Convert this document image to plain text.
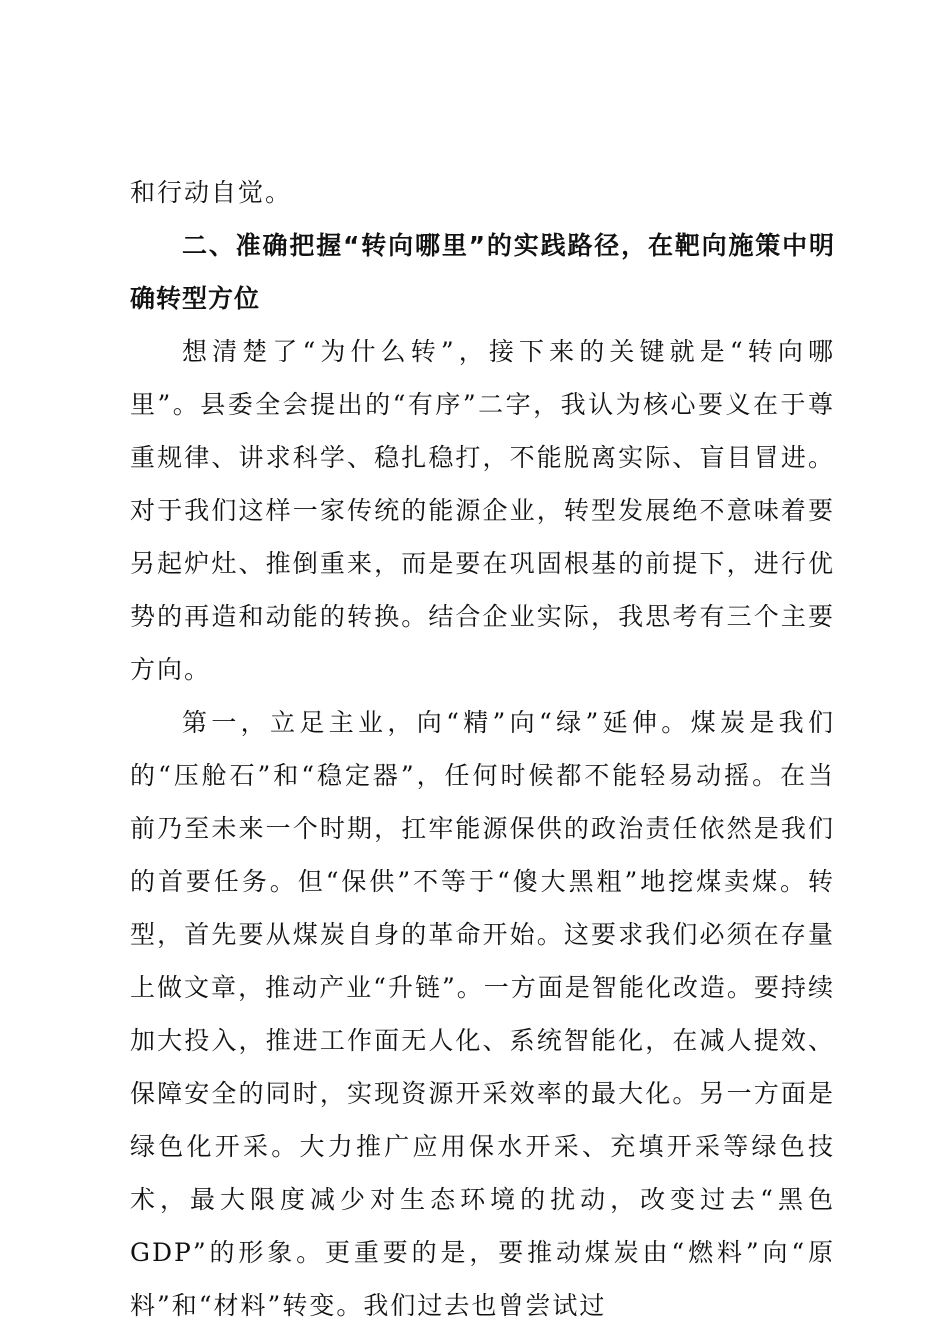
和行动自觉。

二、准确把握“转向哪里”的实践路径，在靶向施策中明确转型方位

想清楚了“为什么转”，接下来的关键就是“转向哪里”。县委全会提出的“有序”二字，我认为核心要义在于尊重规律、讲求科学、稳扎稳打，不能脱离实际、盲目冒进。对于我们这样一家传统的能源企业，转型发展绝不意味着要另起炉灶、推倒重来，而是要在巩固根基的前提下，进行优势的再造和动能的转换。结合企业实际，我思考有三个主要方向。

第一，立足主业，向“精”向“绿”延伸。煤炭是我们的“压舱石”和“稳定器”，任何时候都不能轻易动摇。在当前乃至未来一个时期，扛牢能源保供的政治责任依然是我们的首要任务。但“保供”不等于“傻大黑粗”地挖煤卖煤。转型，首先要从煤炭自身的革命开始。这要求我们必须在存量上做文章，推动产业“升链”。一方面是智能化改造。要持续加大投入，推进工作面无人化、系统智能化，在减人提效、保障安全的同时，实现资源开采效率的最大化。另一方面是绿色化开采。大力推广应用保水开采、充填开采等绿色技术，最大限度减少对生态环境的扰动，改变过去“黑色GDP”的形象。更重要的是，要推动煤炭由“燃料”向“原料”和“材料”转变。我们过去也曾尝试过
